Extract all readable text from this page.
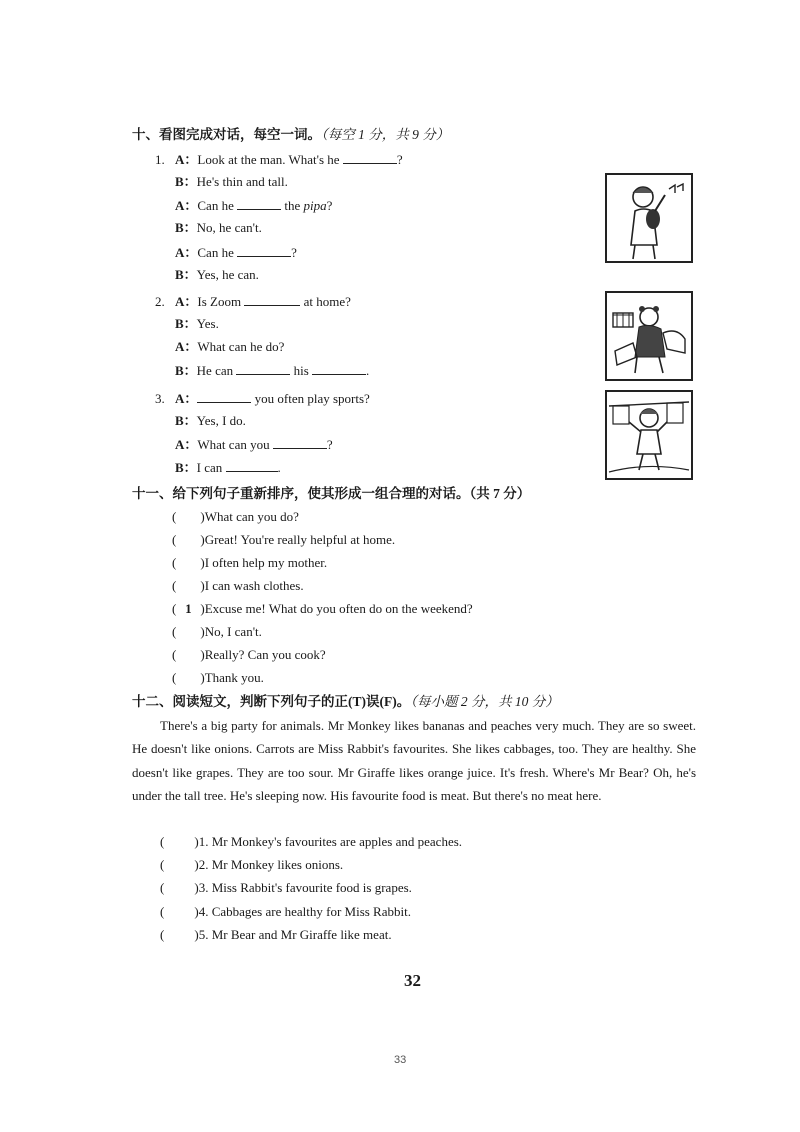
十、看图完成对话，每空一词。（每空 1 分，共 9 分）
1. A：Look at the man. What's he	?
B：He's thin and tall.
A：Can he	the pipa?
B：No, he can't.
A：Can he	?
B：Yes, he can.
2. A：Is Zoom	at home?
B：Yes.
A：What can he do?
B：He can	his	.
3. A：	you often play sports?
B：Yes, I do.
A：What can you	?
B：I can	.
十一、给下列句子重新排序，使其形成一组合理的对话。（共 7 分）
( )What can you do?
( )Great! You're really helpful at home.
( )I often help my mother.
( )I can wash clothes.
( 1 )Excuse me! What do you often do on the weekend?
( )No, I can't.
( )Really? Can you cook?
( )Thank you.
十二、阅读短文，判断下列句子的正(T)误(F)。（每小题 2 分，共 10 分）
There's a big party for animals. Mr Monkey likes bananas and peaches very much. They are so sweet. He doesn't like onions. Carrots are Miss Rabbit's favourites. She likes cabbages, too. They are healthy. She doesn't like grapes. They are too sour. Mr Giraffe likes orange juice. It's fresh. Where's Mr Bear? Oh, he's under the tall tree. He's sleeping now. His favourite food is meat. But there's no meat here.
( )1. Mr Monkey's favourites are apples and peaches.
( )2. Mr Monkey likes onions.
( )3. Miss Rabbit's favourite food is grapes.
( )4. Cabbages are healthy for Miss Rabbit.
( )5. Mr Bear and Mr Giraffe like meat.
32
33
